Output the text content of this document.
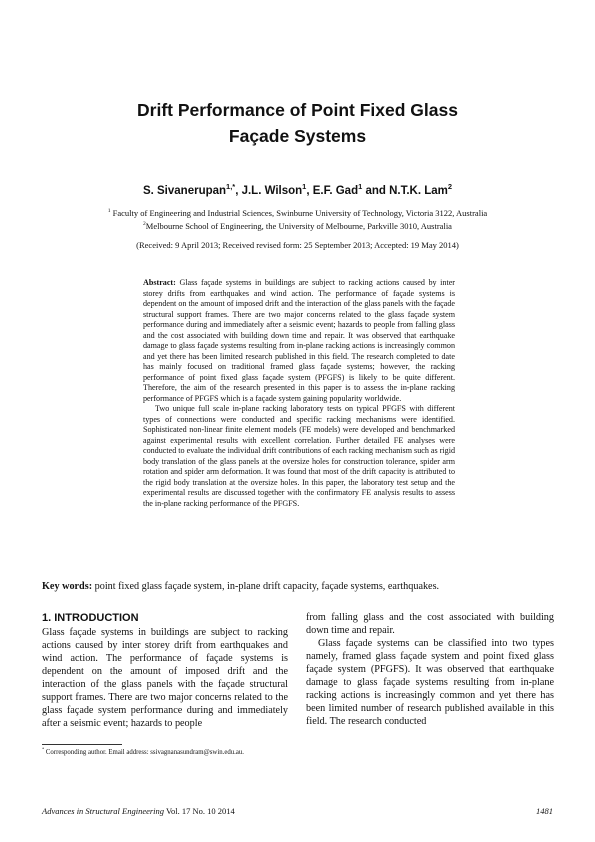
Drift Performance of Point Fixed Glass
Façade Systems
S. Sivanerupan$^{1,*}$, J.L. Wilson$^1$, E.F. Gad$^1$ and N.T.K. Lam$^2$
$^1$ Faculty of Engineering and Industrial Sciences, Swinburne University of Technology, Victoria 3122, Australia
$^2$Melbourne School of Engineering, the University of Melbourne, Parkville 3010, Australia
(Received: 9 April 2013; Received revised form: 25 September 2013; Accepted: 19 May 2014)

Abstract: Glass façade systems in buildings are subject to racking actions caused by inter storey drifts from earthquakes and wind action. The performance of façade systems is dependent on the amount of imposed drift and the interaction of the glass panels with the façade structural support frames. There are two major concerns related to the glass façade system performance during and immediately after a seismic event; hazards to people from falling glass and the cost associated with building down time and repair. It was observed that earthquake damage to glass façade systems resulting from in-plane racking actions is increasingly common and yet there has been limited research published in this field. The research completed to date has mainly focused on traditional framed glass façade systems; however, the racking performance of point fixed glass façade system (PFGFS) is likely to be quite different. Therefore, the aim of the research presented in this paper is to assess the in-plane racking performance of PFGFS which is a façade system gaining popularity worldwide.

Two unique full scale in-plane racking laboratory tests on typical PFGFS with different types of connections were conducted and specific racking mechanisms were identified. Sophisticated non-linear finite element models (FE models) were developed and benchmarked against experimental results with excellent correlation. Further detailed FE analyses were conducted to evaluate the individual drift contributions of each racking mechanism such as rigid body translation of the glass panels at the oversize holes for construction tolerance, spider arm rotation and spider arm deformation. It was found that most of the drift capacity is attributed to the rigid body translation at the oversize holes. In this paper, the laboratory test setup and the experimental results are discussed together with the confirmatory FE analysis results to assess the in-plane racking performance of the PFGFS.

Key words: point fixed glass façade system, in-plane drift capacity, façade systems, earthquakes.
1. INTRODUCTION

Glass façade systems in buildings are subject to racking actions caused by inter storey drift from earthquakes and wind action. The performance of façade systems is dependent on the amount of imposed drift and the interaction of the glass panels with the façade structural support frames. There are two major concerns related to the glass façade system performance during and immediately after a seismic event; hazards to people

from falling glass and the cost associated with building down time and repair.

Glass façade systems can be classified into two types namely, framed glass façade system and point fixed glass façade system (PFGFS). It was observed that earthquake damage to glass façade systems resulting from in-plane racking actions is increasingly common and yet there has been limited number of research published available in this field. The research conducted

* Corresponding author. Email address: ssivagnanasundram@swin.edu.au.
Advances in Structural Engineering Vol. 17 No. 10 2014	1481
